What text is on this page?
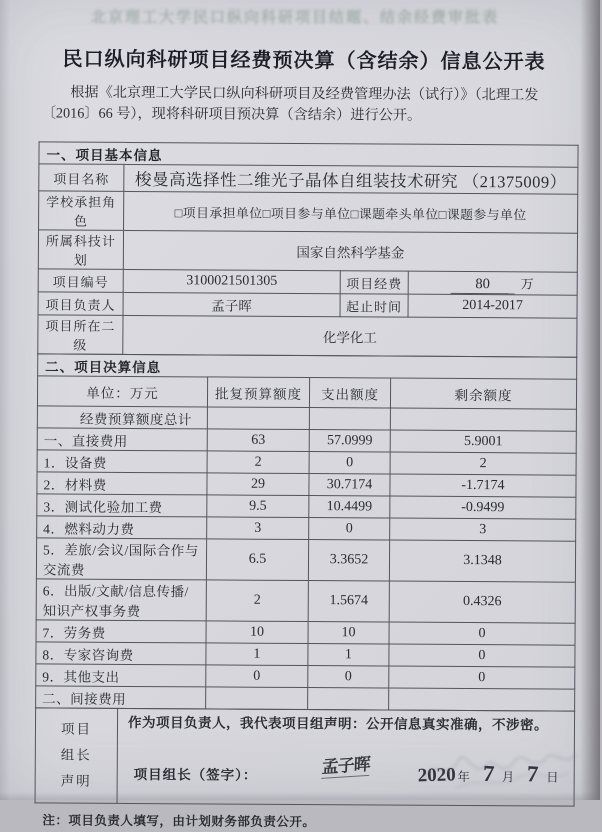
北京理工大学民口纵向科研项目结题、结余经费审批表
民口纵向科研项目经费预决算（含结余）信息公开表

根据《北京理工大学民口纵向科研项目及经费管理办法（试行）》（北理工发〔2016〕66 号），现将科研项目预决算（含结余）进行公开。

一、项目基本信息			
项目名称	梭曼高选择性二维光子晶体自组装技术研究 （21375009）		
学校承担角色	□项目承担单位□项目参与单位□课题牵头单位□课题参与单位		
所属科技计划	国家自然科学基金		
项目编号	3100021501305	项目经费	80 万
项目负责人	孟子晖	起止时间	2014-2017
项目所在二级	化学化工		
二、项目决算信息			
单位：万元	批复预算额度	支出额度	剩余额度
经费预算额度总计			
一、直接费用	63	57.0999	5.9001
1．设备费	2	0	2
2．材料费	29	30.7174	-1.7174
3．测试化验加工费	9.5	10.4499	-0.9499
4．燃料动力费	3	0	3
5．差旅/会议/国际合作与交流费	6.5	3.3652	3.1348
6．出版/文献/信息传播/知识产权事务费	2	1.5674	0.4326
7．劳务费	10	10	0
8．专家咨询费	1	1	0
9．其他支出	0	0	0
二、间接费用			
项目
组长
声明

作为项目负责人，我代表项目组声明：公开信息真实准确，不涉密。
项目组长（签字）：	孟子晖 2020 年 7 月 7 日
注：项目负责人填写，由计划财务部负责公开。
